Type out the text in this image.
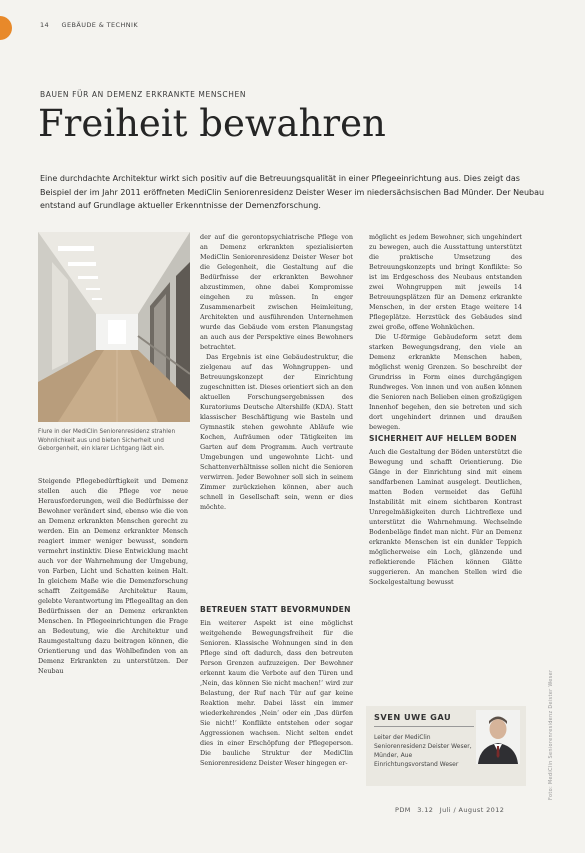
14 GEBÄUDE & TECHNIK
BAUEN FÜR AN DEMENZ ERKRANKTE MENSCHEN
Freiheit bewahren

Eine durchdachte Architektur wirkt sich positiv auf die Betreuungsqualität in einer Pflegeeinrichtung aus. Dies zeigt das Beispiel der im Jahr 2011 eröffneten MediClin Seniorenresidenz Deister Weser im niedersächsischen Bad Münder. Der Neubau entstand auf Grundlage aktueller Erkenntnisse der Demenzforschung.

Flure in der MediClin Seniorenresidenz strahlen Wohnlichkeit aus und bieten Sicherheit und Geborgenheit, ein klarer Lichtgang lädt ein.

Steigende Pflegebedürftigkeit und Demenz stellen auch die Pflege vor neue Herausforderungen, weil die Bedürfnisse der Bewohner verändert sind, ebenso wie die von an Demenz erkrankten Menschen gerecht zu werden. Ein an Demenz erkrankter Mensch reagiert immer weniger bewusst, sondern vermehrt instinktiv. Diese Entwicklung macht auch vor der Wahrnehmung der Umgebung, von Farben, Licht und Schatten keinen Halt. In gleichem Maße wie die Demenzforschung schafft Zeitgemäße Architektur Raum, gelebte Verantwortung im Pflegealltag an den Bedürfnissen der an Demenz erkrankten Menschen. In Pflegeeinrichtungen die Frage an Bedeutung, wie die Architektur und Raumgestaltung dazu beitragen können, die Orientierung und das Wohlbefinden von an Demenz Erkrankten zu unterstützen. Der Neubau

der auf die gerontopsychiatrische Pflege von an Demenz erkrankten spezialisierten MediClin Seniorenresidenz Deister Weser bot die Gelegenheit, die Gestaltung auf die Bedürfnisse der erkrankten Bewohner abzustimmen, ohne dabei Kompromisse eingehen zu müssen. In enger Zusammenarbeit zwischen Heimleitung, Architekten und ausführenden Unternehmen wurde das Gebäude vom ersten Planungstag an auch aus der Perspektive eines Bewohners betrachtet.

Das Ergebnis ist eine Gebäudestruktur, die zielgenau auf das Wohngruppen- und Betreuungskonzept der Einrichtung zugeschnitten ist. Dieses orientiert sich an den aktuellen Forschungsergebnissen des Kuratoriums Deutsche Altershilfe (KDA). Statt klassischer Beschäftigung wie Basteln und Gymnastik stehen gewohnte Abläufe wie Kochen, Aufräumen oder Tätigkeiten im Garten auf dem Programm. Auch vertraute Umgebungen und ungewohnte Licht- und Schattenverhältnisse sollen nicht die Senioren verwirren. Jeder Bewohner soll sich in seinem Zimmer zurückziehen können, aber auch schnell in Gesellschaft sein, wenn er dies möchte.

BETREUEN STATT BEVORMUNDEN

Ein weiterer Aspekt ist eine möglichst weitgehende Bewegungsfreiheit für die Senioren. Klassische Wohnungen sind in den Pflege sind oft dadurch, dass den betreuten Person Grenzen aufzuzeigen. Der Bewohner erkennt kaum die Verbote auf den Türen und ‚Nein, das können Sie nicht machen!‘ wird zur Belastung, der Ruf nach Tür auf gar keine Reaktion mehr. Dabei lässt ein immer wiederkehrendes ‚Nein‘ oder ein ‚Das dürfen Sie nicht!‘ Konflikte entstehen oder sogar Aggressionen wachsen. Nicht selten endet dies in einer Erschöpfung der Pflegeperson. Die bauliche Struktur der MediClin Seniorenresidenz Deister Weser hingegen er-

möglicht es jedem Bewohner, sich ungehindert zu bewegen, auch die Ausstattung unterstützt die praktische Umsetzung des Betreuungskonzepts und bringt Konflikte: So ist im Erdgeschoss des Neubaus entstanden zwei Wohngruppen mit jeweils 14 Betreuungsplätzen für an Demenz erkrankte Menschen, in der ersten Etage weitere 14 Pflegeplätze. Herzstück des Gebäudes sind zwei große, offene Wohnküchen.

Die U-förmige Gebäudeform setzt dem starken Bewegungsdrang, den viele an Demenz erkrankte Menschen haben, möglichst wenig Grenzen. So beschreibt der Grundriss in Form eines durchgängigen Rundweges. Von innen und von außen können die Senioren nach Belieben einen großzügigen Innenhof begehen, den sie betreten und sich dort ungehindert drinnen und draußen bewegen.

SICHERHEIT AUF HELLEM BODEN

Auch die Gestaltung der Böden unterstützt die Bewegung und schafft Orientierung. Die Gänge in der Einrichtung sind mit einem sandfarbenen Laminat ausgelegt. Deutlichen, matten Boden vermeidet das Gefühl Instabilität mit einem sichtbaren Kontrast Unregelmäßigkeiten durch Lichtreflexe und unterstützt die Wahrnehmung. Wechselnde Bodenbeläge findet man nicht. Für an Demenz erkrankte Menschen ist ein dunkler Teppich möglicherweise ein Loch, glänzende und reflektierende Flächen können Glätte suggerieren. An manchen Stellen wird die Sockelgestaltung bewusst

SVEN UWE GAU

Leiter der MediClin Seniorenresidenz Deister Weser, Münder, Aue Einrichtungsvorstand Weser	Foto: MediClin Seniorenresidenz Deister Weser
PDM 3.12 Juli / August 2012
